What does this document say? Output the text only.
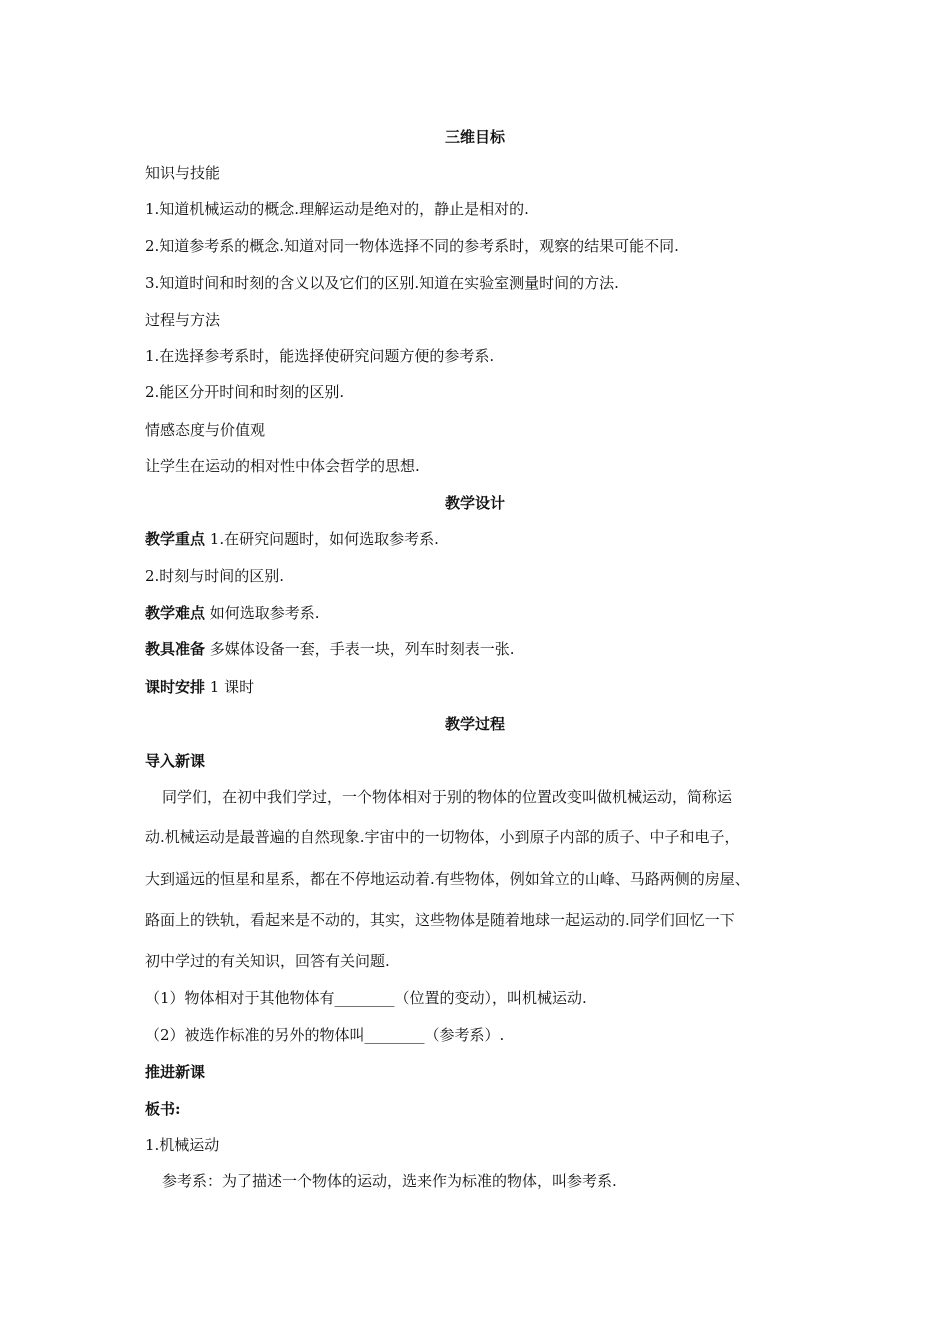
三维目标
知识与技能
1.知道机械运动的概念.理解运动是绝对的，静止是相对的.
2.知道参考系的概念.知道对同一物体选择不同的参考系时，观察的结果可能不同.
3.知道时间和时刻的含义以及它们的区别.知道在实验室测量时间的方法.
过程与方法
1.在选择参考系时，能选择使研究问题方便的参考系.
2.能区分开时间和时刻的区别.
情感态度与价值观
让学生在运动的相对性中体会哲学的思想.
教学设计
教学重点 1.在研究问题时，如何选取参考系.
2.时刻与时间的区别.
教学难点 如何选取参考系.
教具准备 多媒体设备一套，手表一块，列车时刻表一张.
课时安排 1 课时
教学过程
导入新课
同学们，在初中我们学过，一个物体相对于别的物体的位置改变叫做机械运动，简称运
动.机械运动是最普遍的自然现象.宇宙中的一切物体，小到原子内部的质子、中子和电子，
大到遥远的恒星和星系，都在不停地运动着.有些物体，例如耸立的山峰、马路两侧的房屋、
路面上的铁轨，看起来是不动的，其实，这些物体是随着地球一起运动的.同学们回忆一下
初中学过的有关知识，回答有关问题.
（1）物体相对于其他物体有________（位置的变动），叫机械运动.
（2）被选作标准的另外的物体叫________（参考系）.
推进新课
板书:
1.机械运动
参考系：为了描述一个物体的运动，选来作为标准的物体，叫参考系.
